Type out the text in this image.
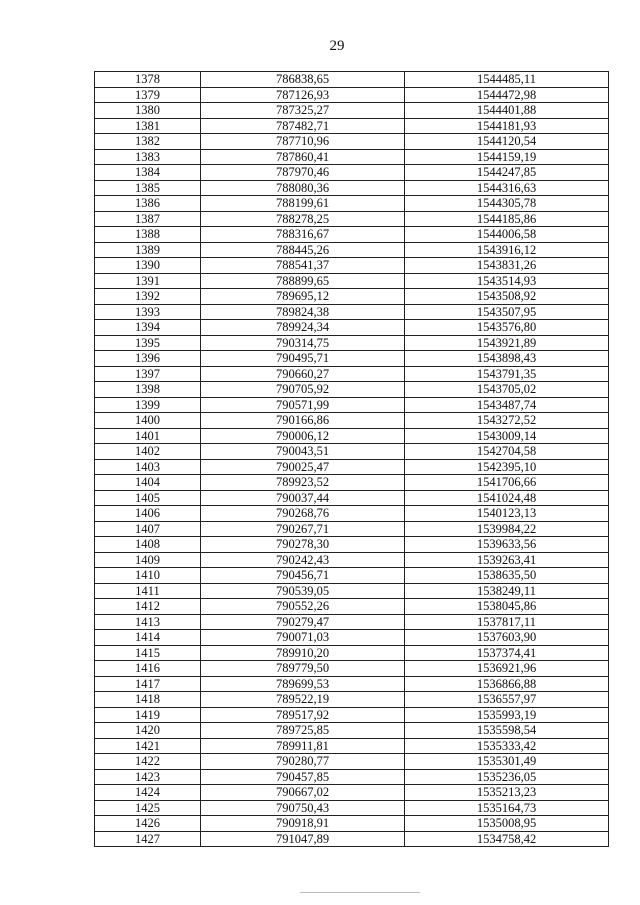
29
1378	786838,65	1544485,11
1379	787126,93	1544472,98
1380	787325,27	1544401,88
1381	787482,71	1544181,93
1382	787710,96	1544120,54
1383	787860,41	1544159,19
1384	787970,46	1544247,85
1385	788080,36	1544316,63
1386	788199,61	1544305,78
1387	788278,25	1544185,86
1388	788316,67	1544006,58
1389	788445,26	1543916,12
1390	788541,37	1543831,26
1391	788899,65	1543514,93
1392	789695,12	1543508,92
1393	789824,38	1543507,95
1394	789924,34	1543576,80
1395	790314,75	1543921,89
1396	790495,71	1543898,43
1397	790660,27	1543791,35
1398	790705,92	1543705,02
1399	790571,99	1543487,74
1400	790166,86	1543272,52
1401	790006,12	1543009,14
1402	790043,51	1542704,58
1403	790025,47	1542395,10
1404	789923,52	1541706,66
1405	790037,44	1541024,48
1406	790268,76	1540123,13
1407	790267,71	1539984,22
1408	790278,30	1539633,56
1409	790242,43	1539263,41
1410	790456,71	1538635,50
1411	790539,05	1538249,11
1412	790552,26	1538045,86
1413	790279,47	1537817,11
1414	790071,03	1537603,90
1415	789910,20	1537374,41
1416	789779,50	1536921,96
1417	789699,53	1536866,88
1418	789522,19	1536557,97
1419	789517,92	1535993,19
1420	789725,85	1535598,54
1421	789911,81	1535333,42
1422	790280,77	1535301,49
1423	790457,85	1535236,05
1424	790667,02	1535213,23
1425	790750,43	1535164,73
1426	790918,91	1535008,95
1427	791047,89	1534758,42
